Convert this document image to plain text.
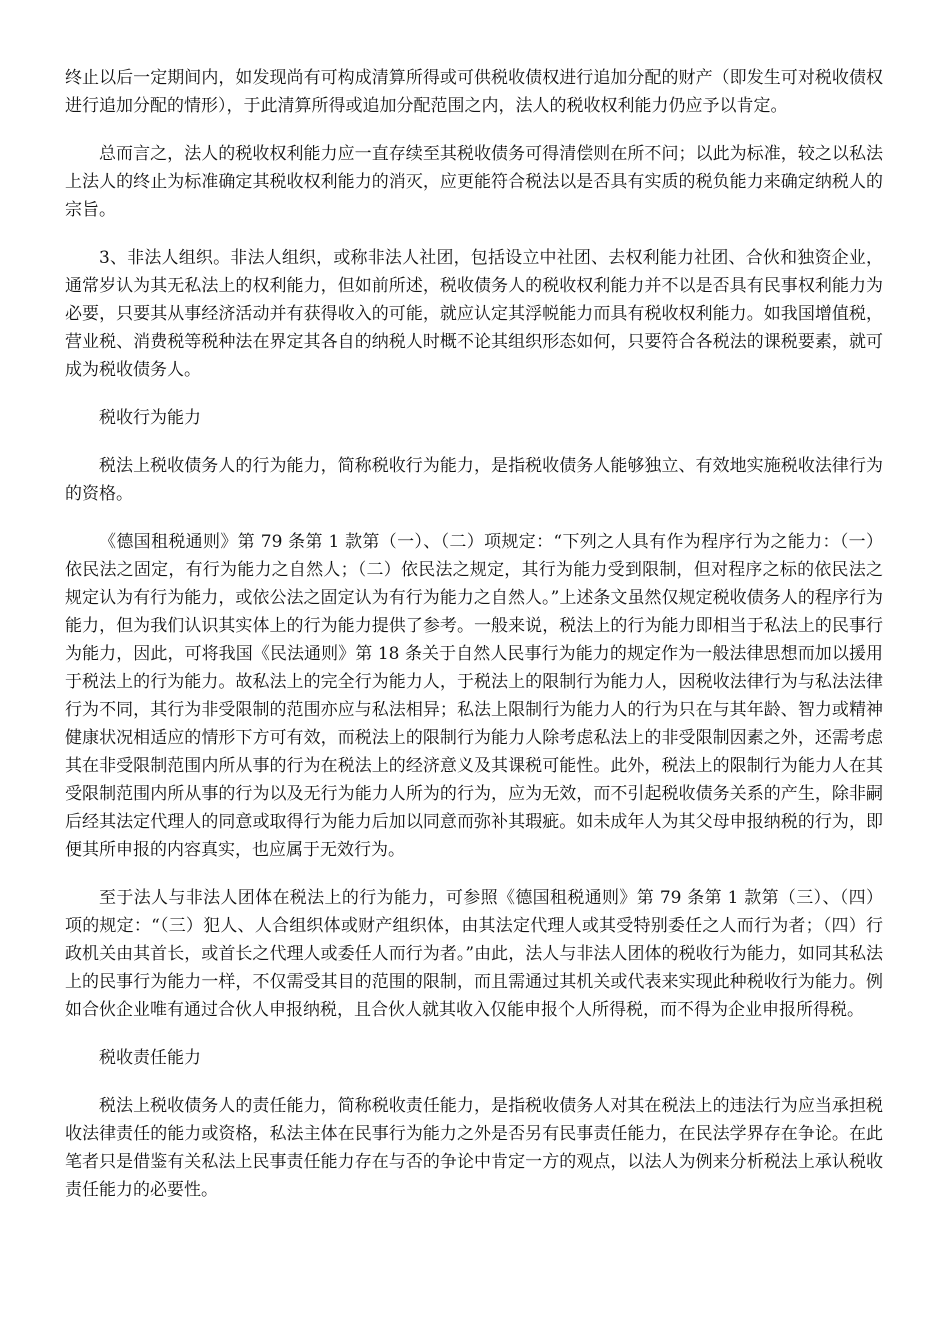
终止以后一定期间内，如发现尚有可构成清算所得或可供税收债权进行追加分配的财产（即发生可对税收债权进行追加分配的情形），于此清算所得或追加分配范围之内，法人的税收权利能力仍应予以肯定。

总而言之，法人的税收权利能力应一直存续至其税收债务可得清偿则在所不问；以此为标准，较之以私法上法人的终止为标准确定其税收权利能力的消灭，应更能符合税法以是否具有实质的税负能力来确定纳税人的宗旨。

3、非法人组织。非法人组织，或称非法人社团，包括设立中社团、去权利能力社团、合伙和独资企业，通常岁认为其无私法上的权利能力，但如前所述，税收债务人的税收权利能力并不以是否具有民事权利能力为必要，只要其从事经济活动并有获得收入的可能，就应认定其浮帨能力而具有税收权利能力。如我国增值税，营业税、消费税等税种法在界定其各自的纳税人时概不论其组织形态如何，只要符合各税法的课税要素，就可成为税收债务人。

税收行为能力

税法上税收债务人的行为能力，简称税收行为能力，是指税收债务人能够独立、有效地实施税收法律行为的资格。

《德国租税通则》第 79 条第 1 款第（一）、（二）项规定：“下列之人具有作为程序行为之能力：（一）依民法之固定，有行为能力之自然人；（二）依民法之规定，其行为能力受到限制，但对程序之标的依民法之规定认为有行为能力，或依公法之固定认为有行为能力之自然人。”上述条文虽然仅规定税收债务人的程序行为能力，但为我们认识其实体上的行为能力提供了参考。一般来说，税法上的行为能力即相当于私法上的民事行为能力，因此，可将我国《民法通则》第 18 条关于自然人民事行为能力的规定作为一般法律思想而加以援用于税法上的行为能力。故私法上的完全行为能力人，于税法上的限制行为能力人，因税收法律行为与私法法律行为不同，其行为非受限制的范围亦应与私法相异；私法上限制行为能力人的行为只在与其年龄、智力或精神健康状况相适应的情形下方可有效，而税法上的限制行为能力人除考虑私法上的非受限制因素之外，还需考虑其在非受限制范围内所从事的行为在税法上的经济意义及其课税可能性。此外，税法上的限制行为能力人在其受限制范围内所从事的行为以及无行为能力人所为的行为，应为无效，而不引起税收债务关系的产生，除非嗣后经其法定代理人的同意或取得行为能力后加以同意而弥补其瑕疵。如未成年人为其父母申报纳税的行为，即便其所申报的内容真实，也应属于无效行为。

至于法人与非法人团体在税法上的行为能力，可参照《德国租税通则》第 79 条第 1 款第（三）、（四）项的规定：“（三）犯人、人合组织体或财产组织体，由其法定代理人或其受特别委任之人而行为者；（四）行政机关由其首长，或首长之代理人或委任人而行为者。”由此，法人与非法人团体的税收行为能力，如同其私法上的民事行为能力一样，不仅需受其目的范围的限制，而且需通过其机关或代表来实现此种税收行为能力。例如合伙企业唯有通过合伙人申报纳税，且合伙人就其收入仅能申报个人所得税，而不得为企业申报所得税。

税收责任能力

税法上税收债务人的责任能力，简称税收责任能力，是指税收债务人对其在税法上的违法行为应当承担税收法律责任的能力或资格，私法主体在民事行为能力之外是否另有民事责任能力，在民法学界存在争论。在此笔者只是借鉴有关私法上民事责任能力存在与否的争论中肯定一方的观点，以法人为例来分析税法上承认税收责任能力的必要性。
